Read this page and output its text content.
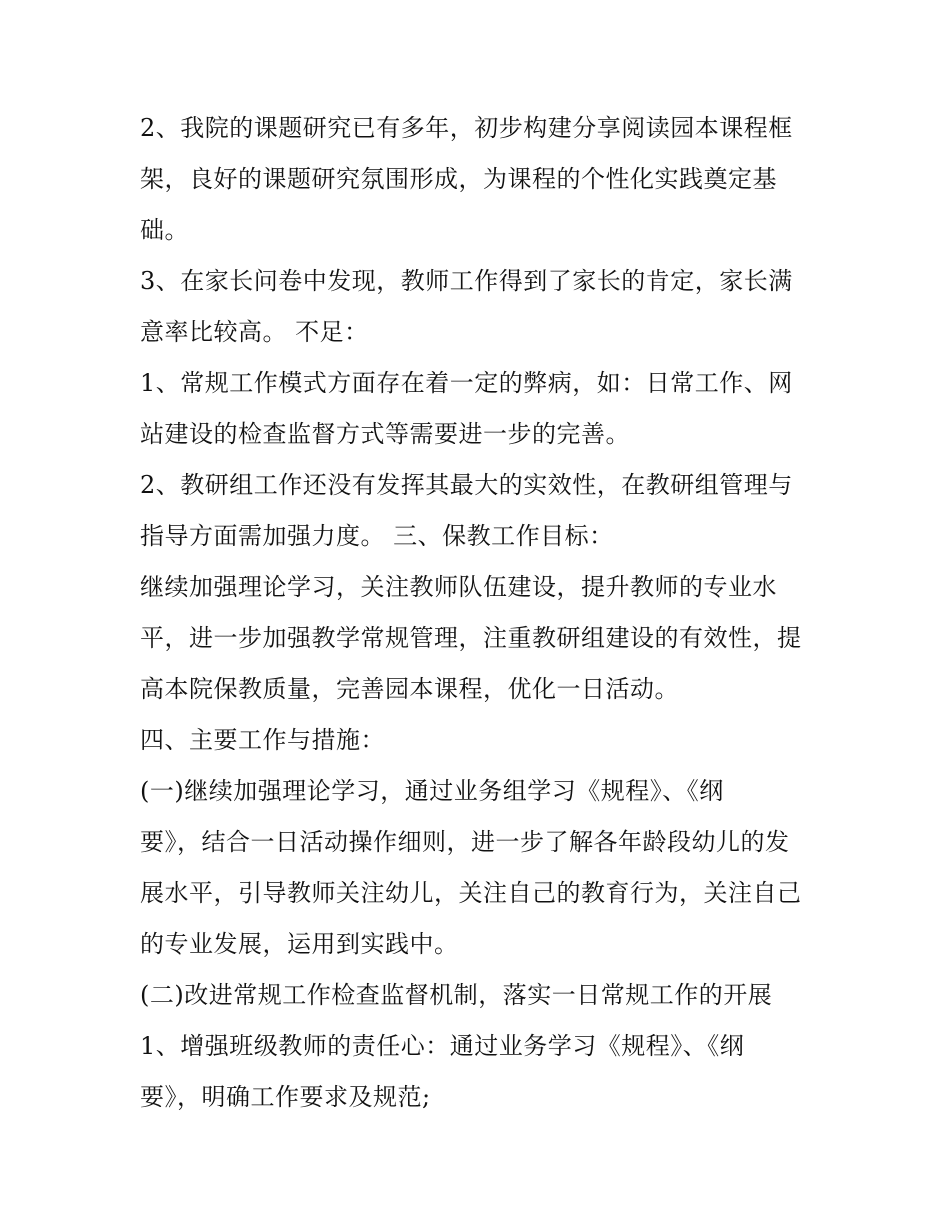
2、我院的课题研究已有多年，初步构建分享阅读园本课程框
架，良好的课题研究氛围形成，为课程的个性化实践奠定基
础。
3、在家长问卷中发现，教师工作得到了家长的肯定，家长满
意率比较高。 不足：
1、常规工作模式方面存在着一定的弊病，如：日常工作、网
站建设的检查监督方式等需要进一步的完善。
2、教研组工作还没有发挥其最大的实效性，在教研组管理与
指导方面需加强力度。 三、保教工作目标：
继续加强理论学习，关注教师队伍建设，提升教师的专业水
平，进一步加强教学常规管理，注重教研组建设的有效性，提
高本院保教质量，完善园本课程，优化一日活动。
四、主要工作与措施：
(一)继续加强理论学习，通过业务组学习《规程》、《纲
要》，结合一日活动操作细则，进一步了解各年龄段幼儿的发
展水平，引导教师关注幼儿，关注自己的教育行为，关注自己
的专业发展，运用到实践中。
(二)改进常规工作检查监督机制，落实一日常规工作的开展
1、增强班级教师的责任心：通过业务学习《规程》、《纲
要》，明确工作要求及规范;
